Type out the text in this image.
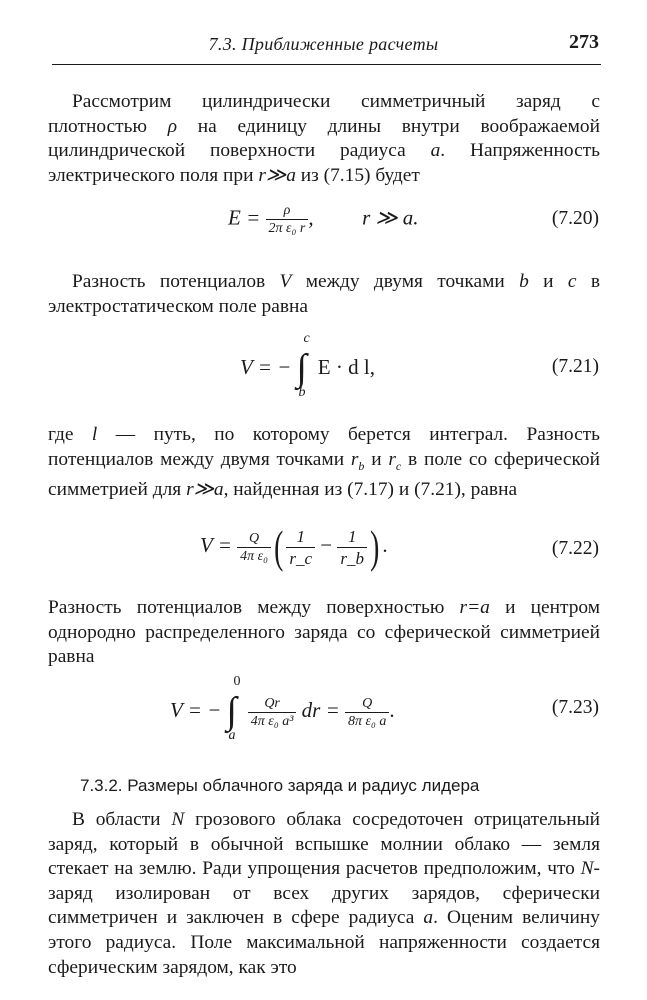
7.3. Приближенные расчеты	273

Рассмотрим цилиндрически симметричный заряд с плотностью ρ на единицу длины внутри воображаемой цилиндрической поверхности радиуса a. Напряженность электрического поля при r≫a из (7.15) будет

$E = \frac{\rho}{\text{2π ε₀ r}}$ , r ≫ a.	(7.20)

Разность потенциалов V между двумя точками b и c в электростатическом поле равна

V = −
c
∫
b
E · d l,	(7.21)

где l — путь, по которому берется интеграл. Разность потенциалов между двумя точками $r_b$ и $r_c$ в поле со сферической симметрией для r≫a, найденная из (7.17) и (7.21), равна

$V = \frac{Q}{\text{4π ε₀}}$ ( $\frac{1}{r\_c} - \frac{1}{r\_b}$ ) .	(7.22)

Разность потенциалов между поверхностью r=a и центром однородно распределенного заряда со сферической симметрией равна

V = −
0
∫
a

$\frac{Qr}{\text{4π ε₀ a³}}$ dr = $\frac{Q}{\text{8π ε₀ a}}$ .	(7.23)
7.3.2. Размеры облачного заряда и радиус лидера

В области N грозового облака сосредоточен отрицательный заряд, который в обычной вспышке молнии облако — земля стекает на землю. Ради упрощения расчетов предположим, что N-заряд изолирован от всех других зарядов, сферически симметричен и заключен в сфере радиуса a. Оценим величину этого радиуса. Поле максимальной напряженности создается сферическим зарядом, как это
